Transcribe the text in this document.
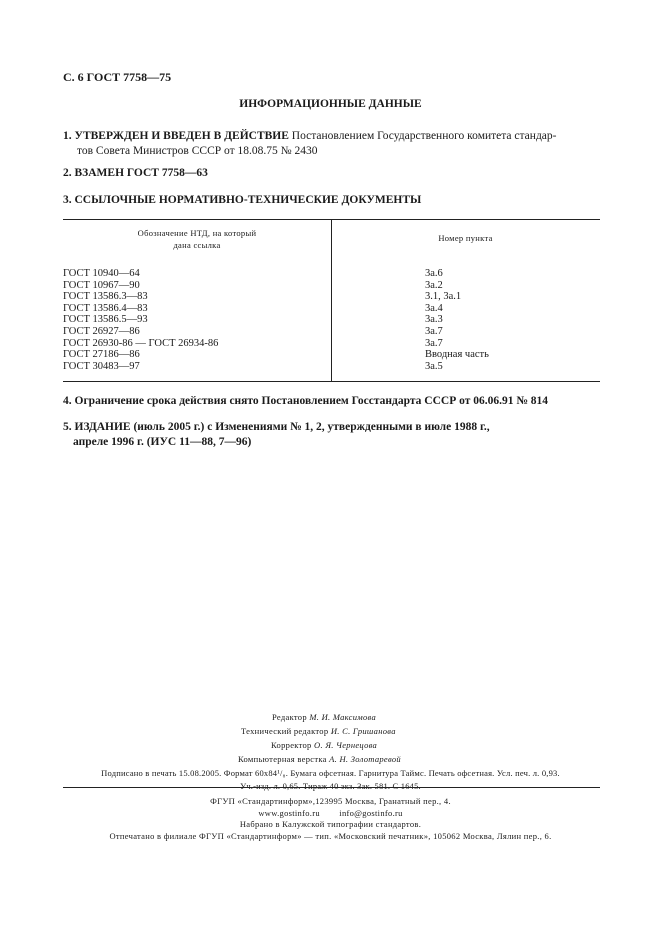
С. 6 ГОСТ 7758—75
ИНФОРМАЦИОННЫЕ ДАННЫЕ
1. УТВЕРЖДЕН И ВВЕДЕН В ДЕЙСТВИЕ Постановлением Государственного комитета стандар-
тов Совета Министров СССР от 18.08.75 № 2430
2. ВЗАМЕН ГОСТ 7758—63
3. ССЫЛОЧНЫЕ НОРМАТИВНО-ТЕХНИЧЕСКИЕ ДОКУМЕНТЫ
Обозначение НТД, на который
дана ссылка
Номер пункта
ГОСТ 10940—64
ГОСТ 10967—90
ГОСТ 13586.3—83
ГОСТ 13586.4—83
ГОСТ 13586.5—93
ГОСТ 26927—86
ГОСТ 26930-86 — ГОСТ 26934-86
ГОСТ 27186—86
ГОСТ 30483—97
3а.6
3а.2
3.1, 3а.1
3а.4
3а.3
3а.7
3а.7
Вводная часть
3а.5
4. Ограничение срока действия снято Постановлением Госстандарта СССР от 06.06.91 № 814
5. ИЗДАНИЕ (июль 2005 г.) с Изменениями № 1, 2, утвержденными в июле 1988 г.,
апреле 1996 г. (ИУС 11—88, 7—96)
Редактор М. И. Максимова
Технический редактор И. С. Гришанова
Корректор О. Я. Чернецова
Компьютерная верстка А. Н. Золотаревой
Подписано в печать 15.08.2005. Формат 60x84¹/₈. Бумага офсетная. Гарнитура Таймс. Печать офсетная. Усл. печ. л. 0,93.
Уч.-изд. л. 0,65. Тираж 40 экз. Зак. 581. С 1645.
ФГУП «Стандартинформ»,123995 Москва, Гранатный пер., 4.
www.gostinfo.ru        info@gostinfo.ru
Набрано в Калужской типографии стандартов.
Отпечатано в филиале ФГУП «Стандартинформ» — тип. «Московский печатник», 105062 Москва, Лялин пер., 6.
